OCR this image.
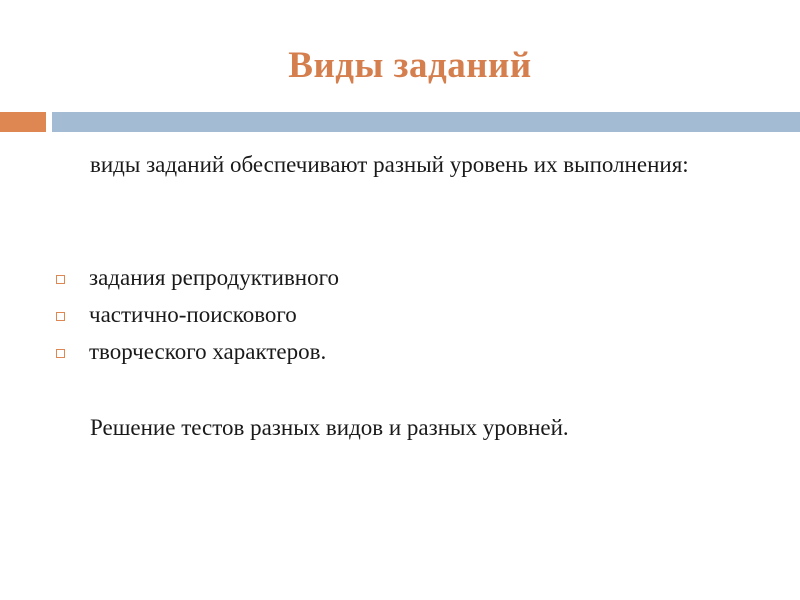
Виды заданий
виды заданий обеспечивают разный уровень их выполнения:
задания репродуктивного
частично-поискового
творческого характеров.
Решение тестов разных видов и разных уровней.
